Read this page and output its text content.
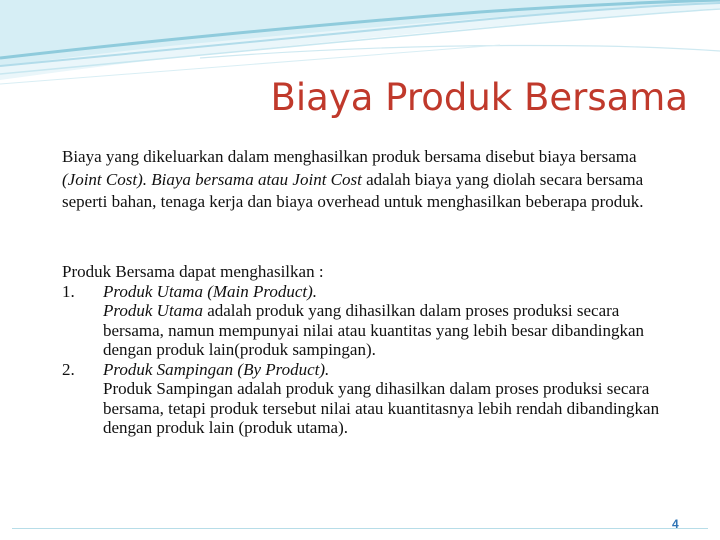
Biaya Produk Bersama
Biaya yang dikeluarkan dalam menghasilkan produk bersama disebut biaya bersama (Joint Cost). Biaya bersama atau Joint Cost adalah biaya yang diolah secara bersama seperti bahan, tenaga kerja dan biaya overhead untuk menghasilkan beberapa produk.

Produk Bersama dapat menghasilkan :

1. Produk Utama (Main Product).
Produk Utama adalah produk yang dihasilkan dalam proses produksi secara bersama, namun mempunyai nilai atau kuantitas yang lebih besar dibandingkan dengan produk lain(produk sampingan).
2. Produk Sampingan (By Product).
Produk Sampingan adalah produk yang dihasilkan dalam proses produksi secara bersama, tetapi produk tersebut nilai atau kuantitasnya lebih rendah dibandingkan dengan produk lain (produk utama).
4
